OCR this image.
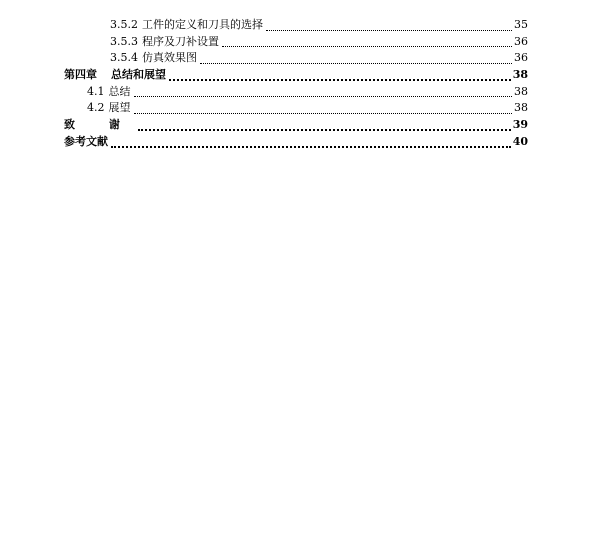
3.5.2 工件的定义和刀具的选择	35
3.5.3 程序及刀补设置	36
3.5.4 仿真效果图	36
第四章 总结和展望	38
4.1 总结	38
4.2 展望	38
致 谢	39
参考文献	40
